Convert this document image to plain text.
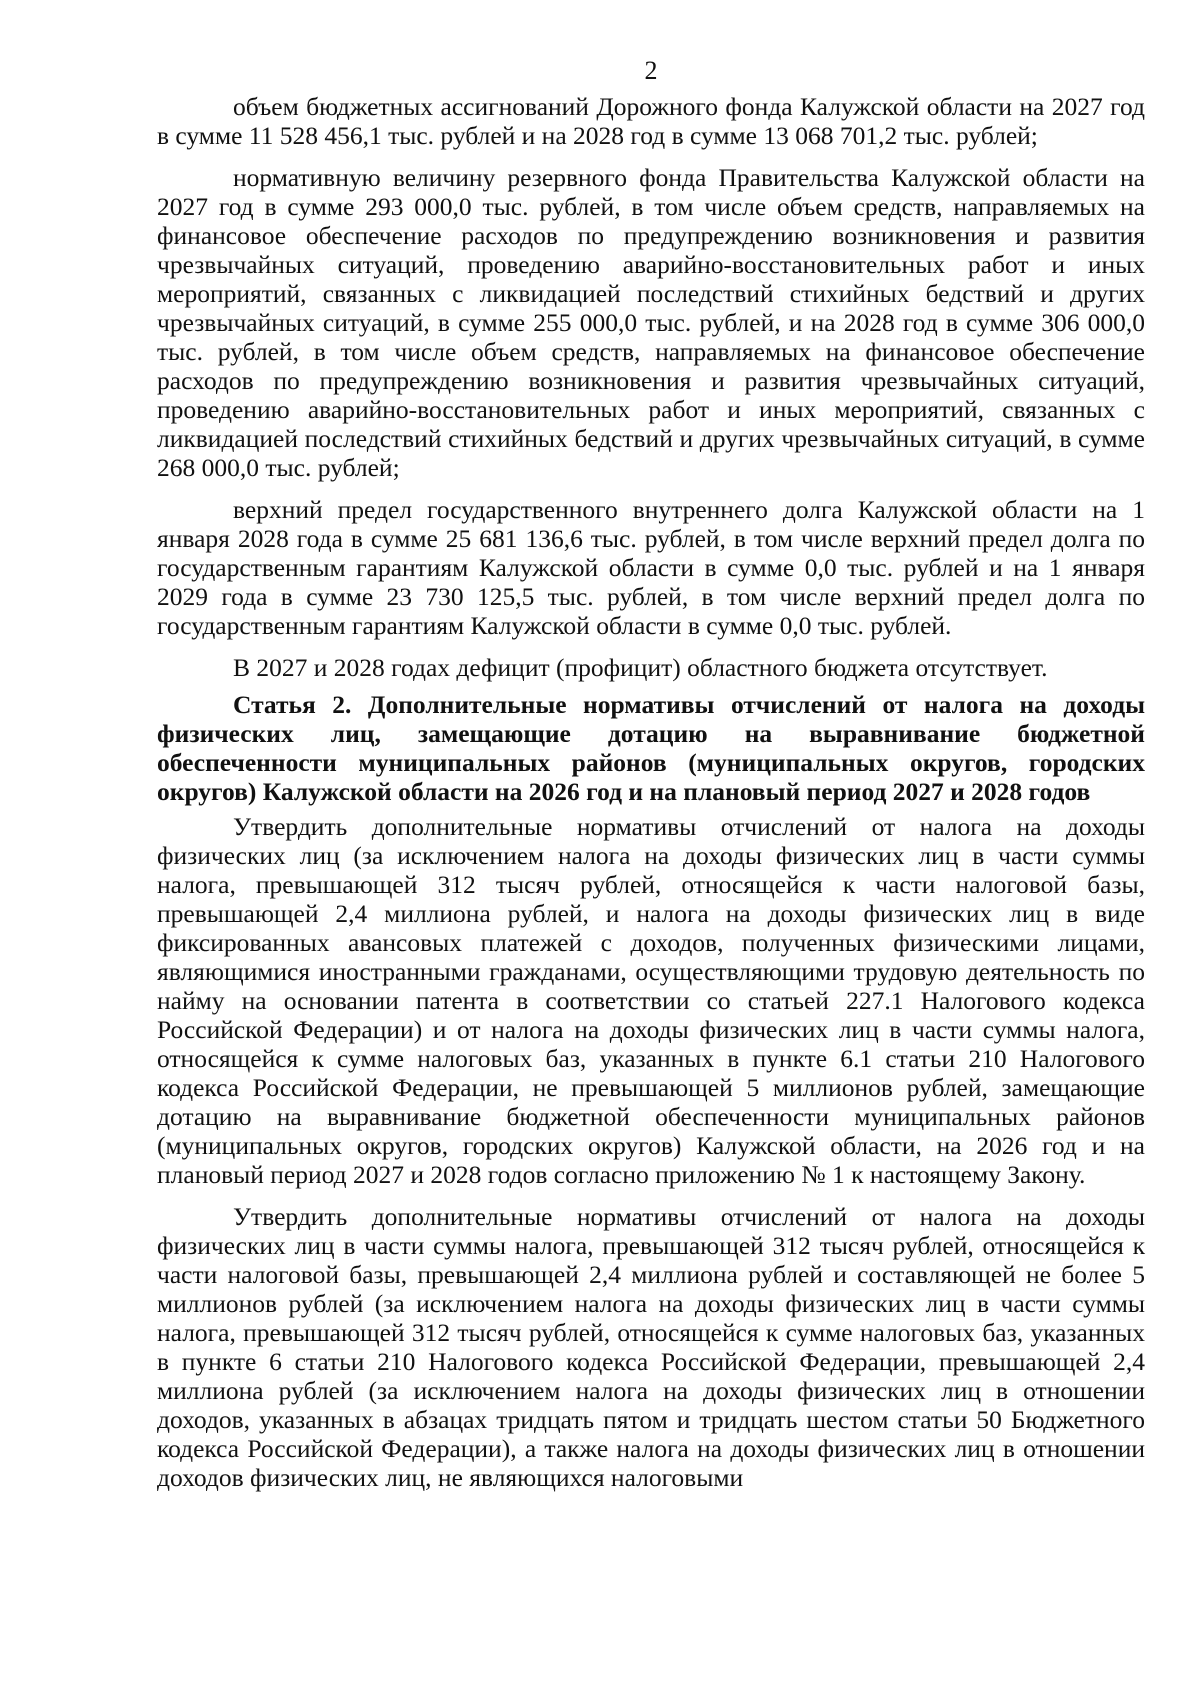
2

объем бюджетных ассигнований Дорожного фонда Калужской области на 2027 год в сумме 11 528 456,1 тыс. рублей и на 2028 год в сумме 13 068 701,2 тыс. рублей;

нормативную величину резервного фонда Правительства Калужской области на 2027 год в сумме 293 000,0 тыс. рублей, в том числе объем средств, направляемых на финансовое обеспечение расходов по предупреждению возникновения и развития чрезвычайных ситуаций, проведению аварийно-восстановительных работ и иных мероприятий, связанных с ликвидацией последствий стихийных бедствий и других чрезвычайных ситуаций, в сумме 255 000,0 тыс. рублей, и на 2028 год в сумме 306 000,0 тыс. рублей, в том числе объем средств, направляемых на финансовое обеспечение расходов по предупреждению возникновения и развития чрезвычайных ситуаций, проведению аварийно-восстановительных работ и иных мероприятий, связанных с ликвидацией последствий стихийных бедствий и других чрезвычайных ситуаций, в сумме 268 000,0 тыс. рублей;

верхний предел государственного внутреннего долга Калужской области на 1 января 2028 года в сумме 25 681 136,6 тыс. рублей, в том числе верхний предел долга по государственным гарантиям Калужской области в сумме 0,0 тыс. рублей и на 1 января 2029 года в сумме 23 730 125,5 тыс. рублей, в том числе верхний предел долга по государственным гарантиям Калужской области в сумме 0,0 тыс. рублей.

В 2027 и 2028 годах дефицит (профицит) областного бюджета отсутствует.

Статья 2. Дополнительные нормативы отчислений от налога на доходы физических лиц, замещающие дотацию на выравнивание бюджетной обеспеченности муниципальных районов (муниципальных округов, городских округов) Калужской области на 2026 год и на плановый период 2027 и 2028 годов

Утвердить дополнительные нормативы отчислений от налога на доходы физических лиц (за исключением налога на доходы физических лиц в части суммы налога, превышающей 312 тысяч рублей, относящейся к части налоговой базы, превышающей 2,4 миллиона рублей, и налога на доходы физических лиц в виде фиксированных авансовых платежей с доходов, полученных физическими лицами, являющимися иностранными гражданами, осуществляющими трудовую деятельность по найму на основании патента в соответствии со статьей 227.1 Налогового кодекса Российской Федерации) и от налога на доходы физических лиц в части суммы налога, относящейся к сумме налоговых баз, указанных в пункте 6.1 статьи 210 Налогового кодекса Российской Федерации, не превышающей 5 миллионов рублей, замещающие дотацию на выравнивание бюджетной обеспеченности муниципальных районов (муниципальных округов, городских округов) Калужской области, на 2026 год и на плановый период 2027 и 2028 годов согласно приложению № 1 к настоящему Закону.

Утвердить дополнительные нормативы отчислений от налога на доходы физических лиц в части суммы налога, превышающей 312 тысяч рублей, относящейся к части налоговой базы, превышающей 2,4 миллиона рублей и составляющей не более 5 миллионов рублей (за исключением налога на доходы физических лиц в части суммы налога, превышающей 312 тысяч рублей, относящейся к сумме налоговых баз, указанных в пункте 6 статьи 210 Налогового кодекса Российской Федерации, превышающей 2,4 миллиона рублей (за исключением налога на доходы физических лиц в отношении доходов, указанных в абзацах тридцать пятом и тридцать шестом статьи 50 Бюджетного кодекса Российской Федерации), а также налога на доходы физических лиц в отношении доходов физических лиц, не являющихся налоговыми
